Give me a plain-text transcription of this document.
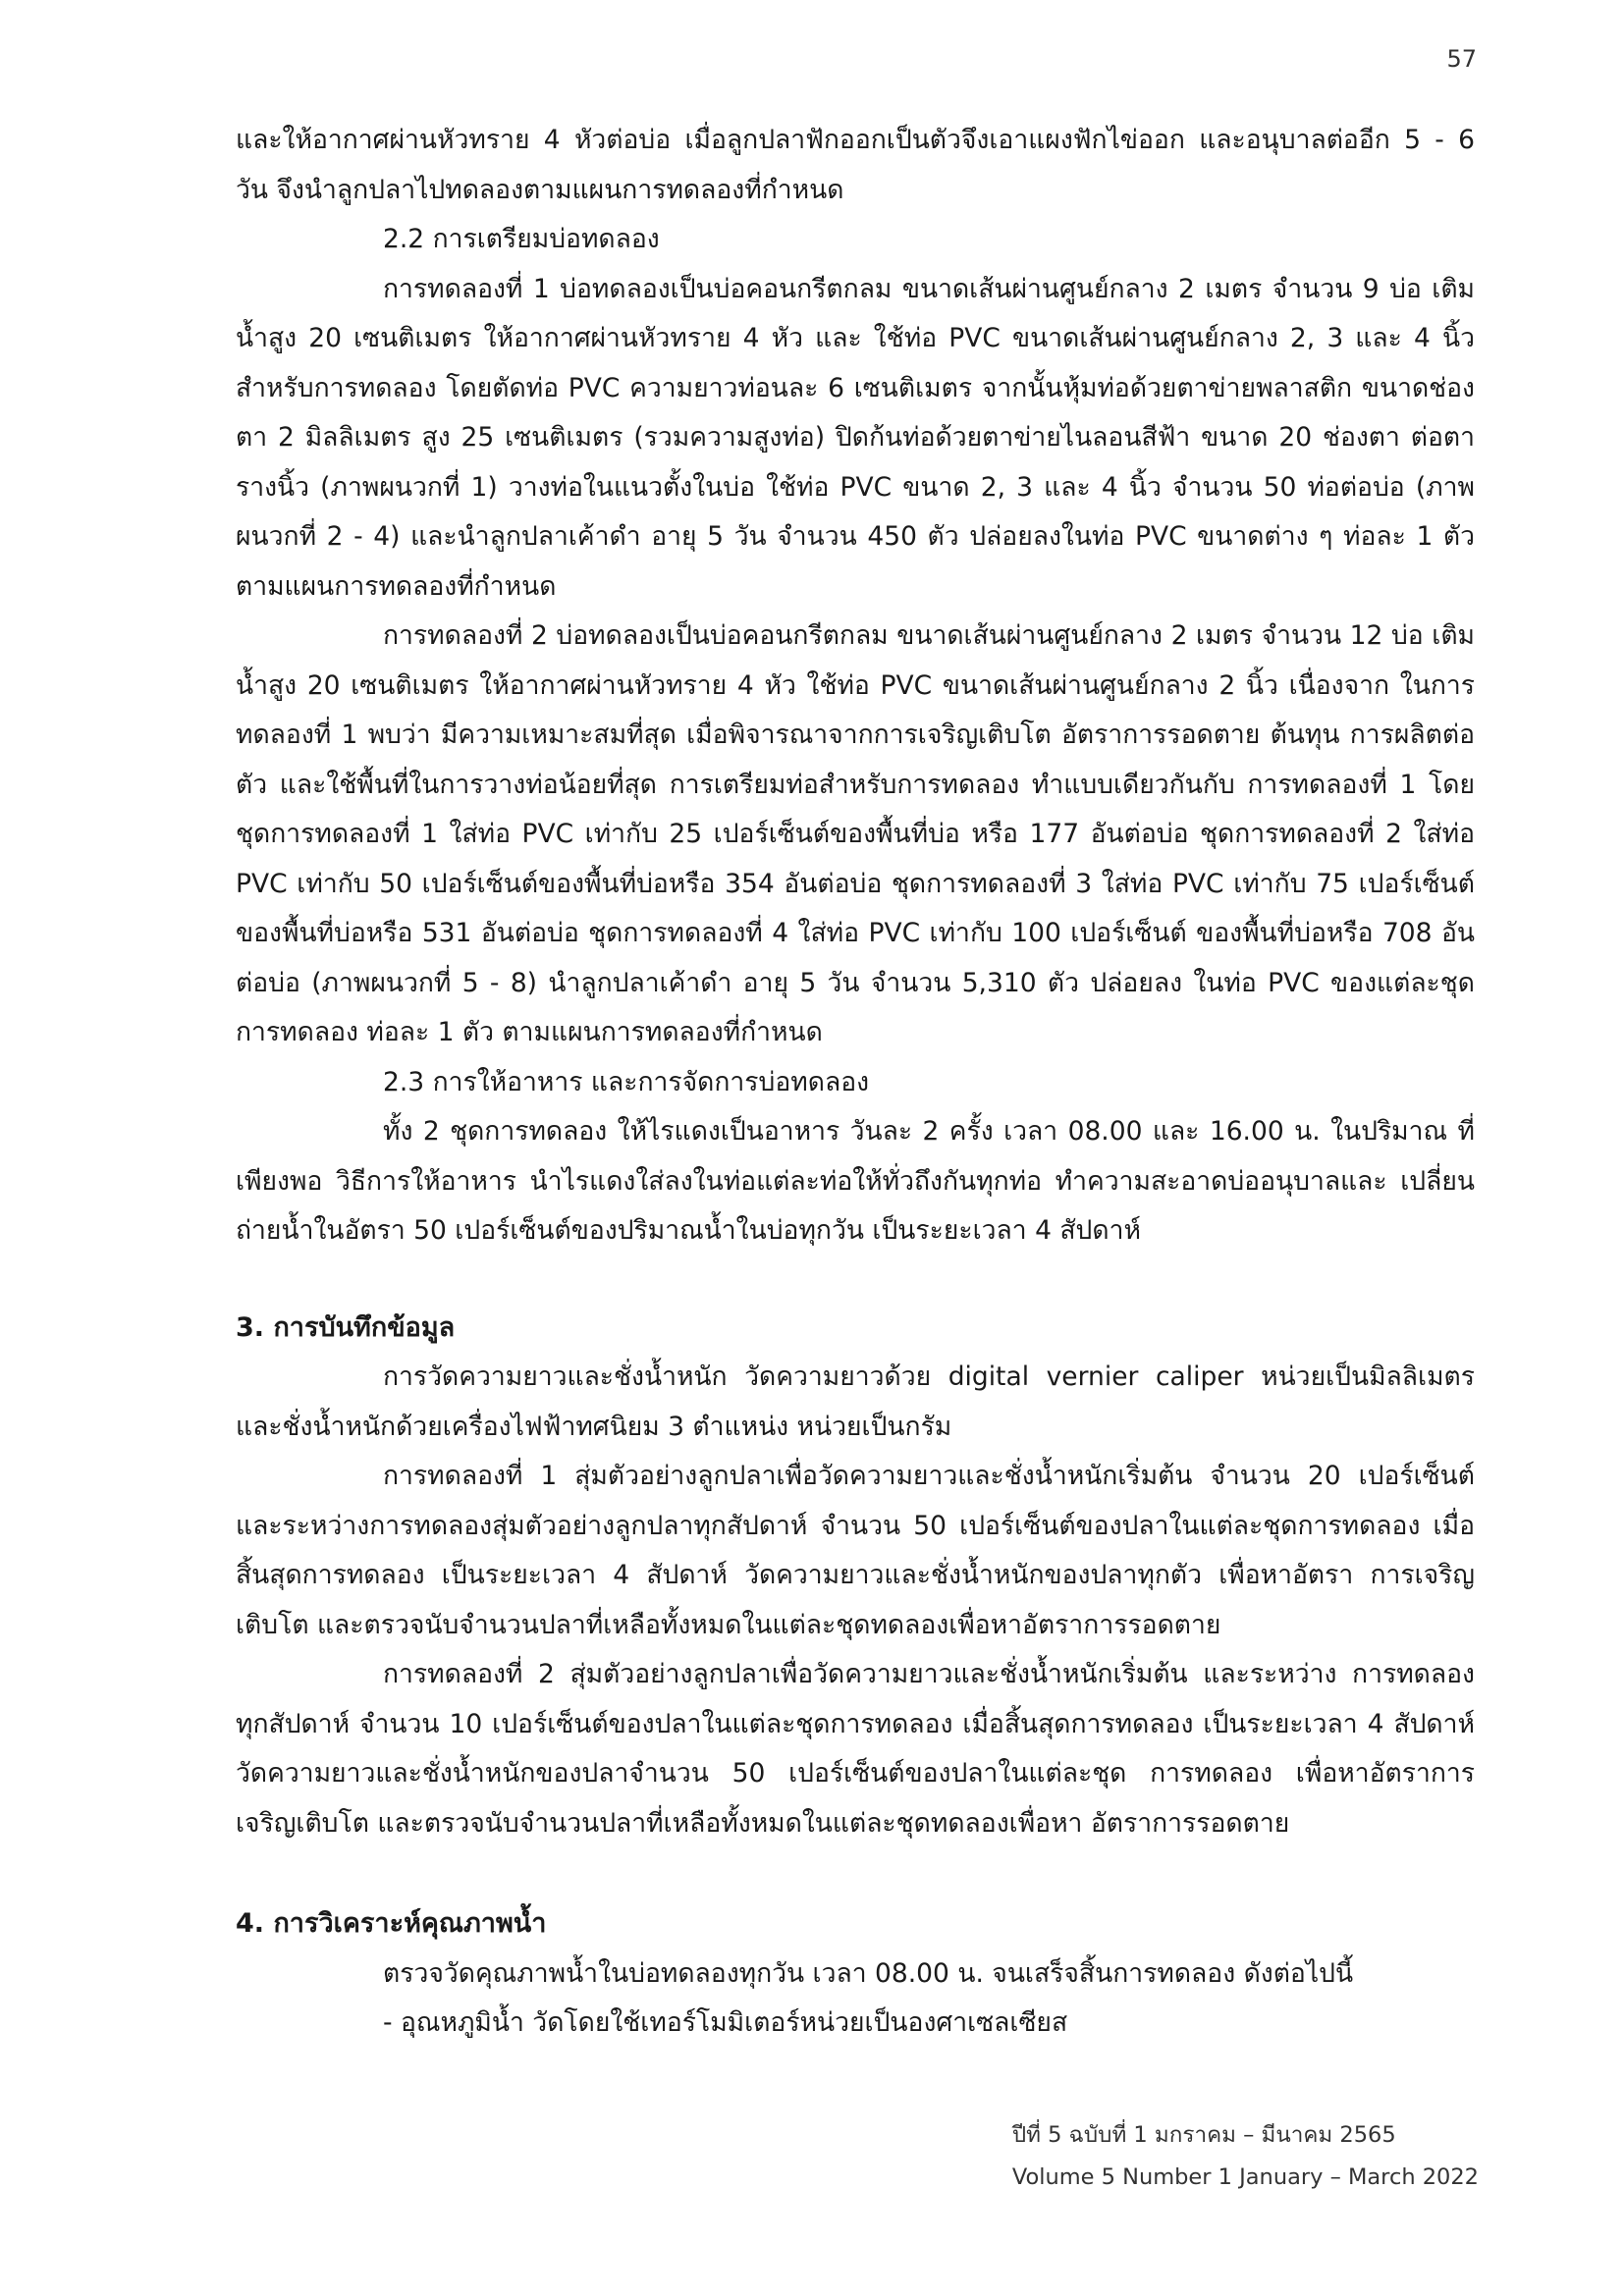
57

และให้อากาศผ่านหัวทราย 4 หัวต่อบ่อ เมื่อลูกปลาฟักออกเป็นตัวจึงเอาแผงฟักไข่ออก และอนุบาลต่ออีก 5 - 6 วัน จึงนำลูกปลาไปทดลองตามแผนการทดลองที่กำหนด

2.2 การเตรียมบ่อทดลอง

การทดลองที่ 1 บ่อทดลองเป็นบ่อคอนกรีตกลม ขนาดเส้นผ่านศูนย์กลาง 2 เมตร จำนวน 9 บ่อ เติมน้ำสูง 20 เซนติเมตร ให้อากาศผ่านหัวทราย 4 หัว และ ใช้ท่อ PVC ขนาดเส้นผ่านศูนย์กลาง 2, 3 และ 4 นิ้ว สำหรับการทดลอง โดยตัดท่อ PVC ความยาวท่อนละ 6 เซนติเมตร จากนั้นหุ้มท่อด้วยตาข่ายพลาสติก ขนาดช่องตา 2 มิลลิเมตร สูง 25 เซนติเมตร (รวมความสูงท่อ) ปิดก้นท่อด้วยตาข่ายไนลอนสีฟ้า ขนาด 20 ช่องตา ต่อตารางนิ้ว (ภาพผนวกที่ 1) วางท่อในแนวตั้งในบ่อ ใช้ท่อ PVC ขนาด 2, 3 และ 4 นิ้ว จำนวน 50 ท่อต่อบ่อ (ภาพผนวกที่ 2 - 4) และนำลูกปลาเค้าดำ อายุ 5 วัน จำนวน 450 ตัว ปล่อยลงในท่อ PVC ขนาดต่าง ๆ ท่อละ 1 ตัว ตามแผนการทดลองที่กำหนด

การทดลองที่ 2 บ่อทดลองเป็นบ่อคอนกรีตกลม ขนาดเส้นผ่านศูนย์กลาง 2 เมตร จำนวน 12 บ่อ เติมน้ำสูง 20 เซนติเมตร ให้อากาศผ่านหัวทราย 4 หัว ใช้ท่อ PVC ขนาดเส้นผ่านศูนย์กลาง 2 นิ้ว เนื่องจาก ในการทดลองที่ 1 พบว่า มีความเหมาะสมที่สุด เมื่อพิจารณาจากการเจริญเติบโต อัตราการรอดตาย ต้นทุน การผลิตต่อตัว และใช้พื้นที่ในการวางท่อน้อยที่สุด การเตรียมท่อสำหรับการทดลอง ทำแบบเดียวกันกับ การทดลองที่ 1 โดยชุดการทดลองที่ 1 ใส่ท่อ PVC เท่ากับ 25 เปอร์เซ็นต์ของพื้นที่บ่อ หรือ 177 อันต่อบ่อ ชุดการทดลองที่ 2 ใส่ท่อ PVC เท่ากับ 50 เปอร์เซ็นต์ของพื้นที่บ่อหรือ 354 อันต่อบ่อ ชุดการทดลองที่ 3 ใส่ท่อ PVC เท่ากับ 75 เปอร์เซ็นต์ของพื้นที่บ่อหรือ 531 อันต่อบ่อ ชุดการทดลองที่ 4 ใส่ท่อ PVC เท่ากับ 100 เปอร์เซ็นต์ ของพื้นที่บ่อหรือ 708 อันต่อบ่อ (ภาพผนวกที่ 5 - 8) นำลูกปลาเค้าดำ อายุ 5 วัน จำนวน 5,310 ตัว ปล่อยลง ในท่อ PVC ของแต่ละชุดการทดลอง ท่อละ 1 ตัว ตามแผนการทดลองที่กำหนด

2.3 การให้อาหาร และการจัดการบ่อทดลอง

ทั้ง 2 ชุดการทดลอง ให้ไรแดงเป็นอาหาร วันละ 2 ครั้ง เวลา 08.00 และ 16.00 น. ในปริมาณ ที่เพียงพอ วิธีการให้อาหาร นำไรแดงใส่ลงในท่อแต่ละท่อให้ทั่วถึงกันทุกท่อ ทำความสะอาดบ่ออนุบาลและ เปลี่ยนถ่ายน้ำในอัตรา 50 เปอร์เซ็นต์ของปริมาณน้ำในบ่อทุกวัน เป็นระยะเวลา 4 สัปดาห์

3. การบันทึกข้อมูล

การวัดความยาวและชั่งน้ำหนัก วัดความยาวด้วย digital vernier caliper หน่วยเป็นมิลลิเมตร และชั่งน้ำหนักด้วยเครื่องไฟฟ้าทศนิยม 3 ตำแหน่ง หน่วยเป็นกรัม

การทดลองที่ 1 สุ่มตัวอย่างลูกปลาเพื่อวัดความยาวและชั่งน้ำหนักเริ่มต้น จำนวน 20 เปอร์เซ็นต์ และระหว่างการทดลองสุ่มตัวอย่างลูกปลาทุกสัปดาห์ จำนวน 50 เปอร์เซ็นต์ของปลาในแต่ละชุดการทดลอง เมื่อสิ้นสุดการทดลอง เป็นระยะเวลา 4 สัปดาห์ วัดความยาวและชั่งน้ำหนักของปลาทุกตัว เพื่อหาอัตรา การเจริญเติบโต และตรวจนับจำนวนปลาที่เหลือทั้งหมดในแต่ละชุดทดลองเพื่อหาอัตราการรอดตาย

การทดลองที่ 2 สุ่มตัวอย่างลูกปลาเพื่อวัดความยาวและชั่งน้ำหนักเริ่มต้น และระหว่าง การทดลองทุกสัปดาห์ จำนวน 10 เปอร์เซ็นต์ของปลาในแต่ละชุดการทดลอง เมื่อสิ้นสุดการทดลอง เป็นระยะเวลา 4 สัปดาห์ วัดความยาวและชั่งน้ำหนักของปลาจำนวน 50 เปอร์เซ็นต์ของปลาในแต่ละชุด การทดลอง เพื่อหาอัตราการเจริญเติบโต และตรวจนับจำนวนปลาที่เหลือทั้งหมดในแต่ละชุดทดลองเพื่อหา อัตราการรอดตาย

4. การวิเคราะห์คุณภาพน้ำ

ตรวจวัดคุณภาพน้ำในบ่อทดลองทุกวัน เวลา 08.00 น. จนเสร็จสิ้นการทดลอง ดังต่อไปนี้

- อุณหภูมิน้ำ วัดโดยใช้เทอร์โมมิเตอร์หน่วยเป็นองศาเซลเซียส

ปีที่ 5 ฉบับที่ 1 มกราคม – มีนาคม 2565
Volume 5 Number 1 January – March 2022
